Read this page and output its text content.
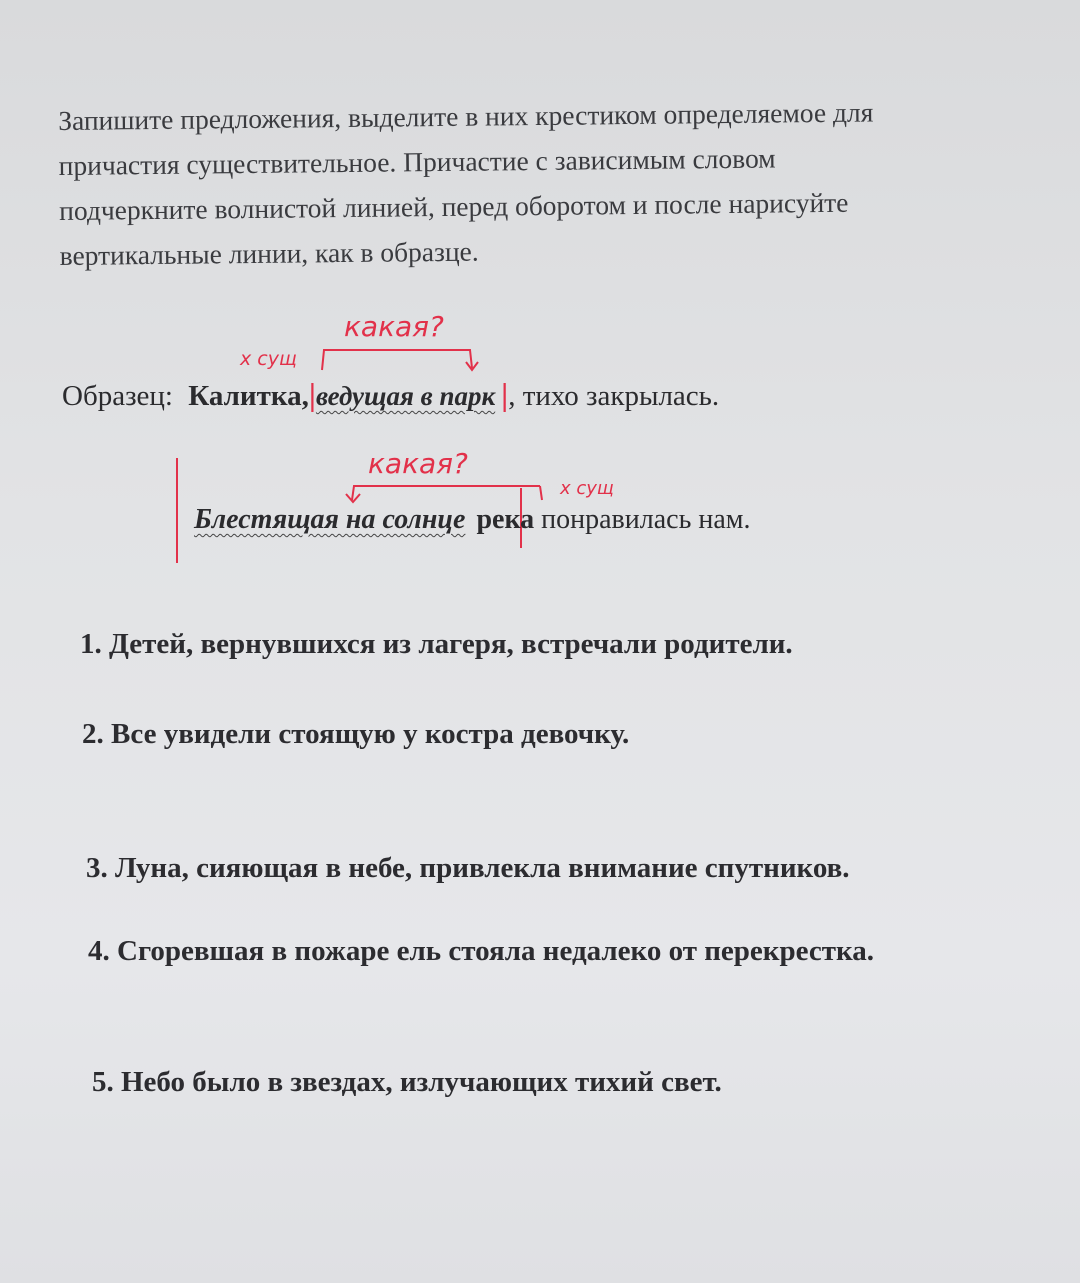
Запишите предложения, выделите в них крестиком определяемое для
причастия существительное. Причастие с зависимым словом
подчеркните волнистой линией, перед оборотом и после нарисуйте
вертикальные линии, как в образце.
какая?
х сущ
Образец: Калитка,|ведущая в парк |, тихо закрылась.
какая?
х сущ
Блестящая на солнце река понравилась нам.
1. Детей, вернувшихся из лагеря, встречали родители.
2. Все увидели стоящую у костра девочку.
3. Луна, сияющая в небе, привлекла внимание спутников.
4. Сгоревшая в пожаре ель стояла недалеко от перекрестка.
5. Небо было в звездах, излучающих тихий свет.
